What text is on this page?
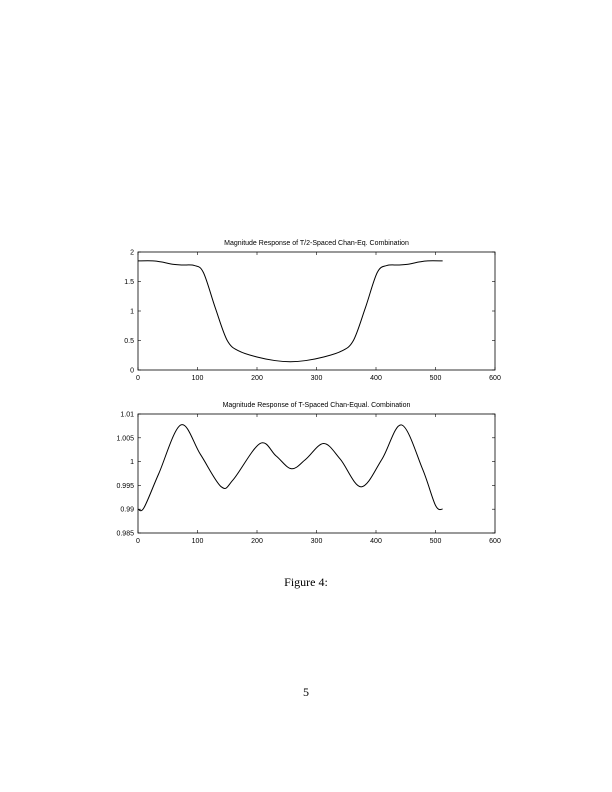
Magnitude Response of T/2-Spaced Chan-Eq. Combination
0	100	200	300	400	500	600
0
0.5
1
1.5
2
Magnitude Response of T-Spaced Chan-Equal. Combination
0	100	200	300	400	500	600
0.985
0.99
0.995
1
1.005
1.01
Figure 4:
5
